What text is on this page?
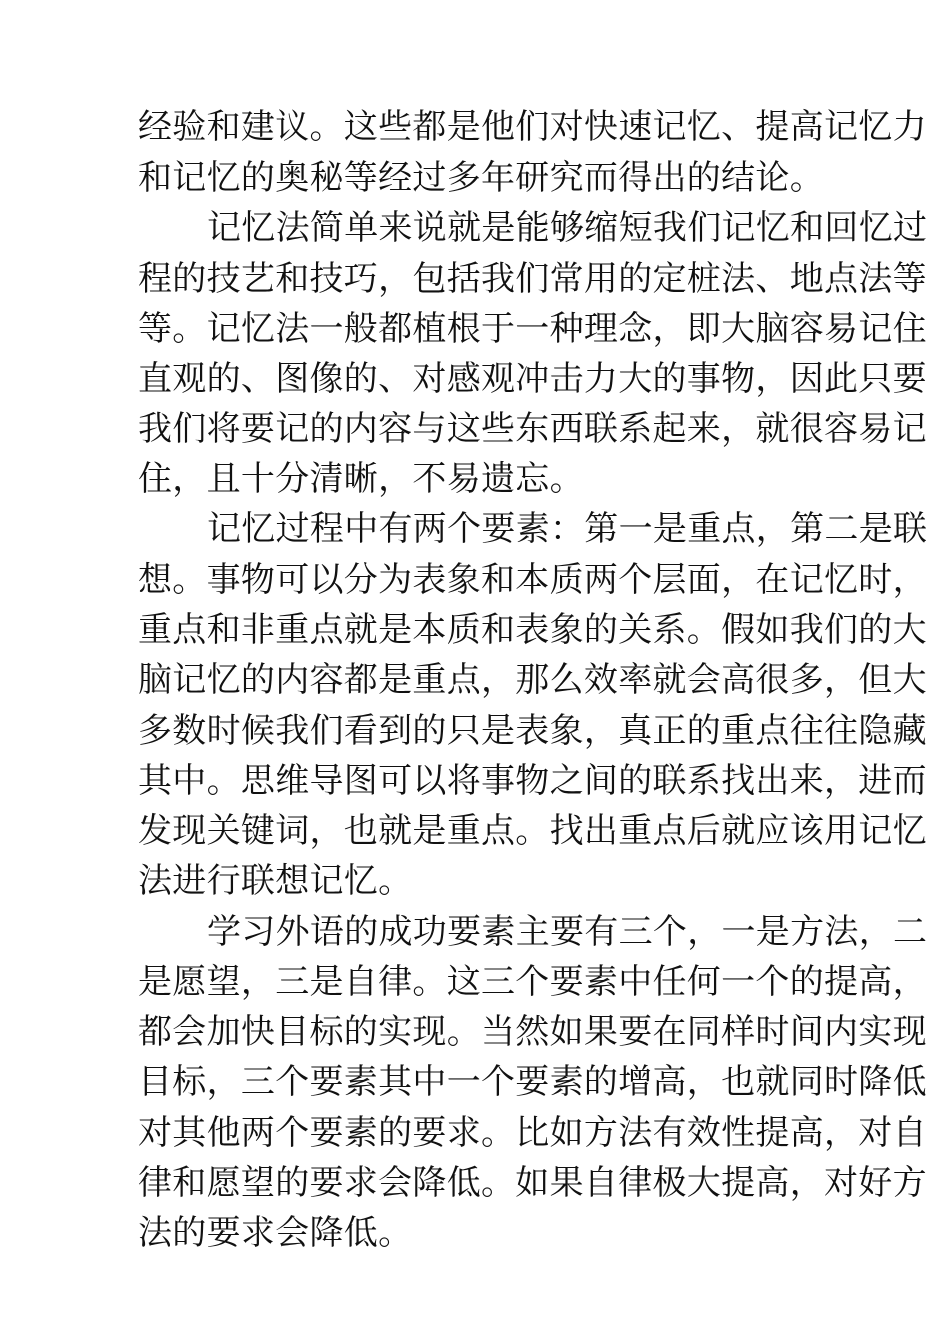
经验和建议。这些都是他们对快速记忆、提高记忆力
和记忆的奥秘等经过多年研究而得出的结论。
记忆法简单来说就是能够缩短我们记忆和回忆过
程的技艺和技巧，包括我们常用的定桩法、地点法等
等。记忆法一般都植根于一种理念，即大脑容易记住
直观的、图像的、对感观冲击力大的事物，因此只要
我们将要记的内容与这些东西联系起来，就很容易记
住，且十分清晰，不易遗忘。
记忆过程中有两个要素：第一是重点，第二是联
想。事物可以分为表象和本质两个层面，在记忆时，
重点和非重点就是本质和表象的关系。假如我们的大
脑记忆的内容都是重点，那么效率就会高很多，但大
多数时候我们看到的只是表象，真正的重点往往隐藏
其中。思维导图可以将事物之间的联系找出来，进而
发现关键词，也就是重点。找出重点后就应该用记忆
法进行联想记忆。
学习外语的成功要素主要有三个，一是方法，二
是愿望，三是自律。这三个要素中任何一个的提高，
都会加快目标的实现。当然如果要在同样时间内实现
目标，三个要素其中一个要素的增高，也就同时降低
对其他两个要素的要求。比如方法有效性提高，对自
律和愿望的要求会降低。如果自律极大提高，对好方
法的要求会降低。
